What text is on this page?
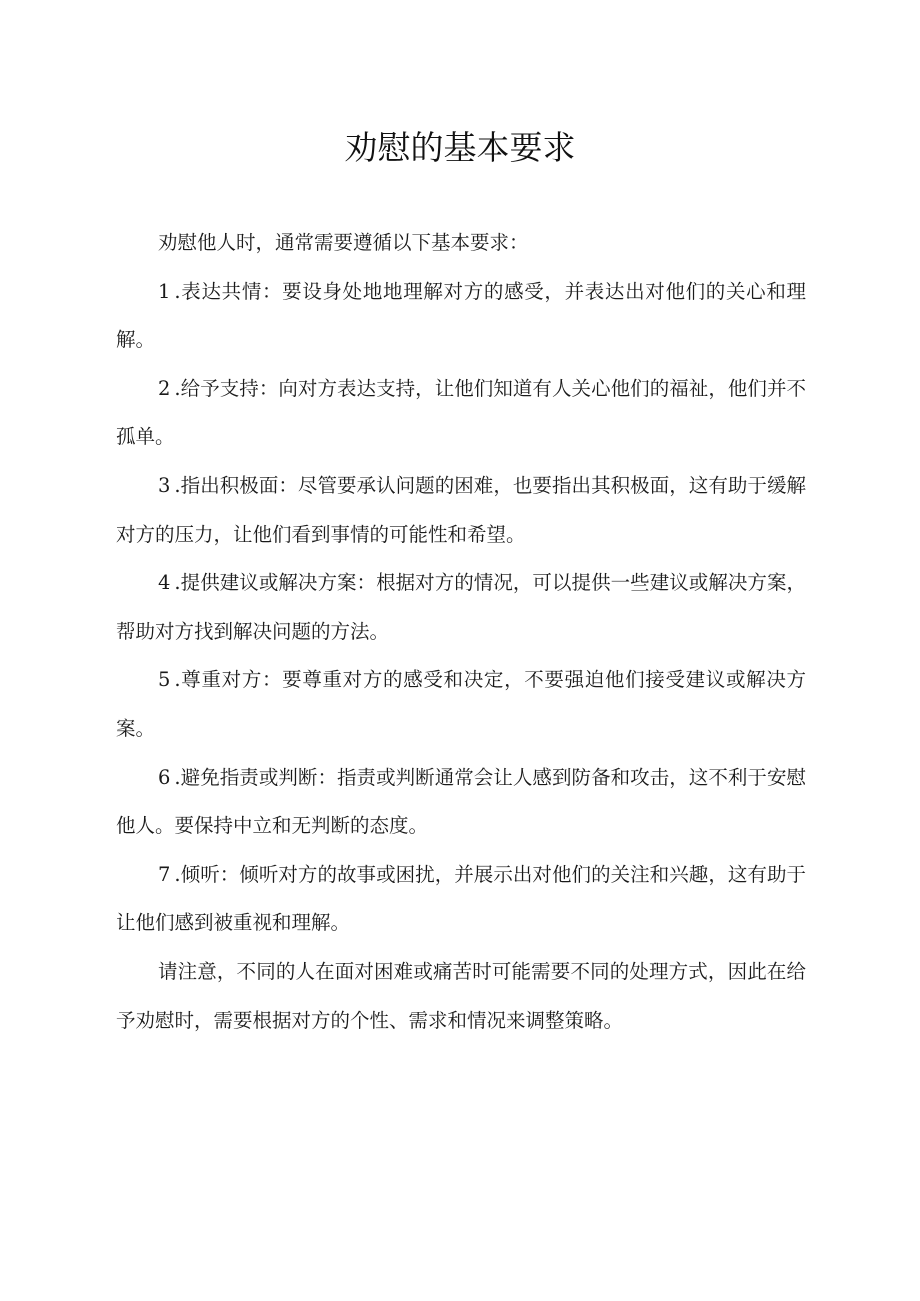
劝慰的基本要求

劝慰他人时，通常需要遵循以下基本要求：

1 .表达共情：要设身处地地理解对方的感受，并表达出对他们的关心和理解。

2 .给予支持：向对方表达支持，让他们知道有人关心他们的福祉，他们并不孤单。

3 .指出积极面：尽管要承认问题的困难，也要指出其积极面，这有助于缓解对方的压力，让他们看到事情的可能性和希望。

4 .提供建议或解决方案：根据对方的情况，可以提供一些建议或解决方案，帮助对方找到解决问题的方法。

5 .尊重对方：要尊重对方的感受和决定，不要强迫他们接受建议或解决方案。

6 .避免指责或判断：指责或判断通常会让人感到防备和攻击，这不利于安慰他人。要保持中立和无判断的态度。

7 .倾听：倾听对方的故事或困扰，并展示出对他们的关注和兴趣，这有助于让他们感到被重视和理解。

请注意，不同的人在面对困难或痛苦时可能需要不同的处理方式，因此在给予劝慰时，需要根据对方的个性、需求和情况来调整策略。
